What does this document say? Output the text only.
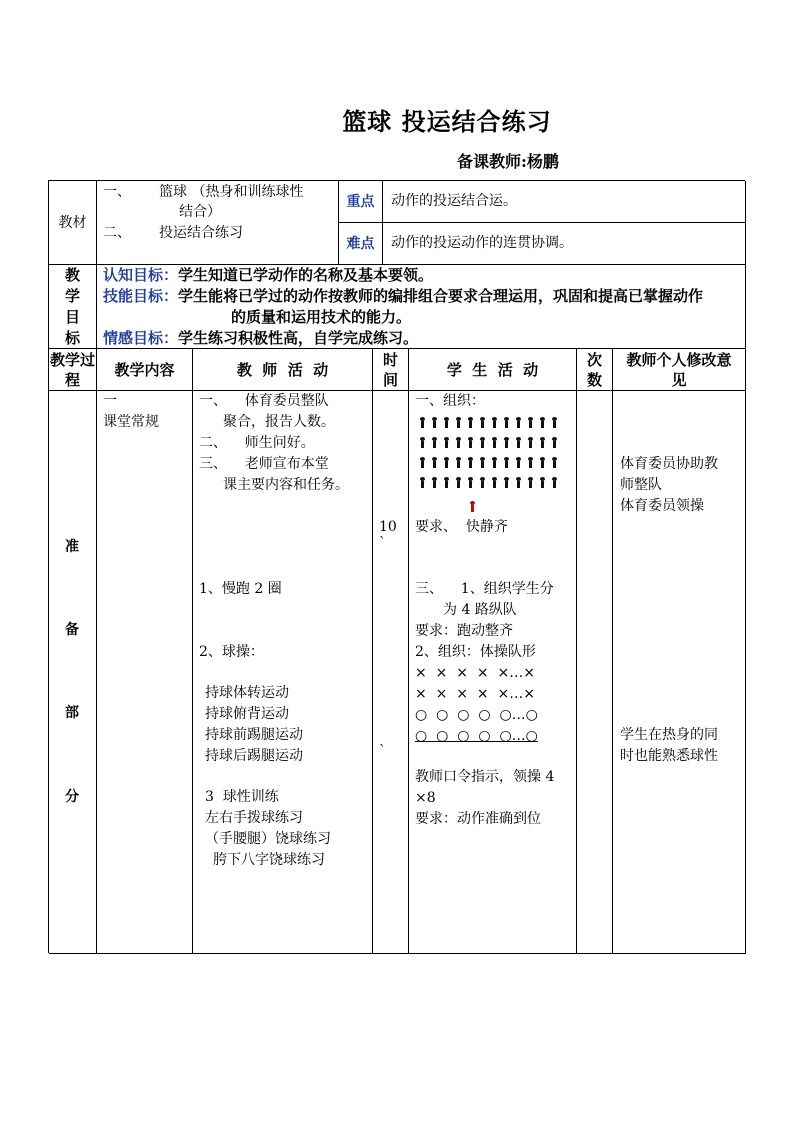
篮球 投运结合练习
备课教师:杨鹏
教材
一、 篮球 （热身和训练球性
结合）
二、 投运结合练习
重点 动作的投运结合运。
难点 动作的投运动作的连贯协调。
教
学
目
标
认知目标：学生知道已学动作的名称及基本要领。
技能目标：学生能将已学过的动作按教师的编排组合要求合理运用，巩固和提高已掌握动作
的质量和运用技术的能力。
情感目标：学生练习积极性高，自学完成练习。
教学过程
教学内容	教  师  活  动
时间
学  生  活  动
次数
教师个人修改意见
准
备
部
分
一
课堂常规

一、    体育委员整队

聚合，报告人数。

二、    师生问好。

三、    老师宣布本堂

课主要内容和任务。

1、慢跑 2 圈

2、球操：

持球体转运动

持球俯背运动

持球前踢腿运动

持球后踢腿运动

3  球性训练

左右手拨球练习

（手腰腿）饶球练习

胯下八字饶球练习

10
`
`
一、组织：
要求、  快静齐
三、    1、组织学生分
为 4 路纵队
要求：跑动整齐
2、组织：体操队形
×  ×  ×  ×  ×…×
×  ×  ×  ×  ×…×
○  ○  ○  ○  ○…○
○  ○  ○  ○  ○…○
教师口令指示，领操 4
×8
要求：动作准确到位
体育委员协助教
师整队
体育委员领操
学生在热身的同
时也能熟悉球性
